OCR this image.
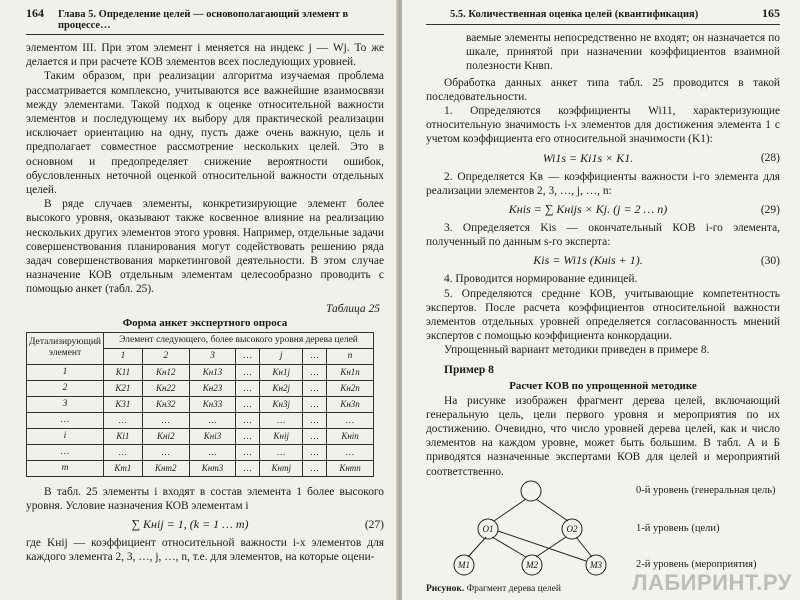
164 Глава 5. Определение целей — основополагающий элемент в процессе…

элементом III. При этом элемент i меняется на индекс j — Wj. То же делается и при расчете КОВ элементов всех последующих уровней.

Таким образом, при реализации алгоритма изучаемая проблема рассматривается комплексно, учитываются все важнейшие взаимосвязи между элементами. Такой подход к оценке относительной важности элементов и последующему их выбору для практической реализации исключает ориентацию на одну, пусть даже очень важную, цель и предполагает совместное рассмотрение нескольких целей. Это в основном и предопределяет снижение вероятности ошибок, обусловленных неточной оценкой относительной важности отдельных целей.

В ряде случаев элементы, конкретизирующие элемент более высокого уровня, оказывают также косвенное влияние на реализацию нескольких других элементов этого уровня. Например, отдельные задачи совершенствования планирования могут содействовать решению ряда задач совершенствования маркетинговой деятельности. В этом случае назначение КОВ отдельным элементам целесообразно проводить с помощью анкет (табл. 25).

Таблица 25
Форма анкет экспертного опроса
Детализирующий элемент	Элемент следующего, более высокого уровня дерева целей						
	1	2	3	…	j	…	n
1	K11	Kн12	Kн13	…	Kн1j	…	Kн1n
2	K21	Kн22	Kн23	…	Kн2j	…	Kн2n
3	K31	Kн32	Kн33	…	Kн3j	…	Kн3n
…	…	…	…	…	…	…	…
i	Ki1	Kнi2	Kнi3	…	Kнij	…	Kнin
…	…	…	…	…	…	…	…
m	Km1	Kнm2	Kнm3	…	Kнmj	…	Kнmn

В табл. 25 элементы i входят в состав элемента 1 более высокого уровня. Условие назначения КОВ элементам i

∑ Kнij = 1, (k = 1 … m)	(27)

где Kнij — коэффициент относительной важности i-х элементов для каждого элемента 2, 3, …, j, …, n, т.е. для элементов, на которые оцени-

5.5. Количественная оценка целей (квантификация)	165

ваемые элементы непосредственно не входят; он назначается по шкале, принятой при назначении коэффициентов взаимной полезности Kнвп.

Обработка данных анкет типа табл. 25 проводится в такой последовательности.

1. Определяются коэффициенты Wi11, характеризующие относительную значимость i-х элементов для достижения элемента 1 с учетом коэффициента его относительной значимости (K1):

Wi1s = Ki1s × K1.	(28)

2. Определяется Kв — коэффициенты важности i-го элемента для реализации элементов 2, 3, …, j, …, n:

Kнis = ∑ Kнijs × Kj. (j = 2 … n)	(29)

3. Определяется Kis — окончательный КОВ i-го элемента, полученный по данным s-го эксперта:

Kis = Wi1s (Kнis + 1).	(30)

4. Проводится нормирование единицей.

5. Определяются средние КОВ, учитывающие компетентность экспертов. После расчета коэффициентов относительной важности элементов отдельных уровней определяется согласованность мнений экспертов с помощью коэффициента конкордации.

Упрощенный вариант методики приведен в примере 8.

Пример 8
Расчет КОВ по упрощенной методике

На рисунке изображен фрагмент дерева целей, включающий генеральную цель, цели первого уровня и мероприятия по их достижению. Очевидно, что число уровней дерева целей, как и число элементов на каждом уровне, может быть большим. В табл. А и Б приводятся назначенные экспертами КОВ для целей и мероприятий соответственно.

O1	O2
M1	M2	M3
0-й уровень (генеральная цель)
1-й уровень (цели)
2-й уровень (мероприятия)
Рисунок. Фрагмент дерева целей	ЛАБИРИНТ.РУ
